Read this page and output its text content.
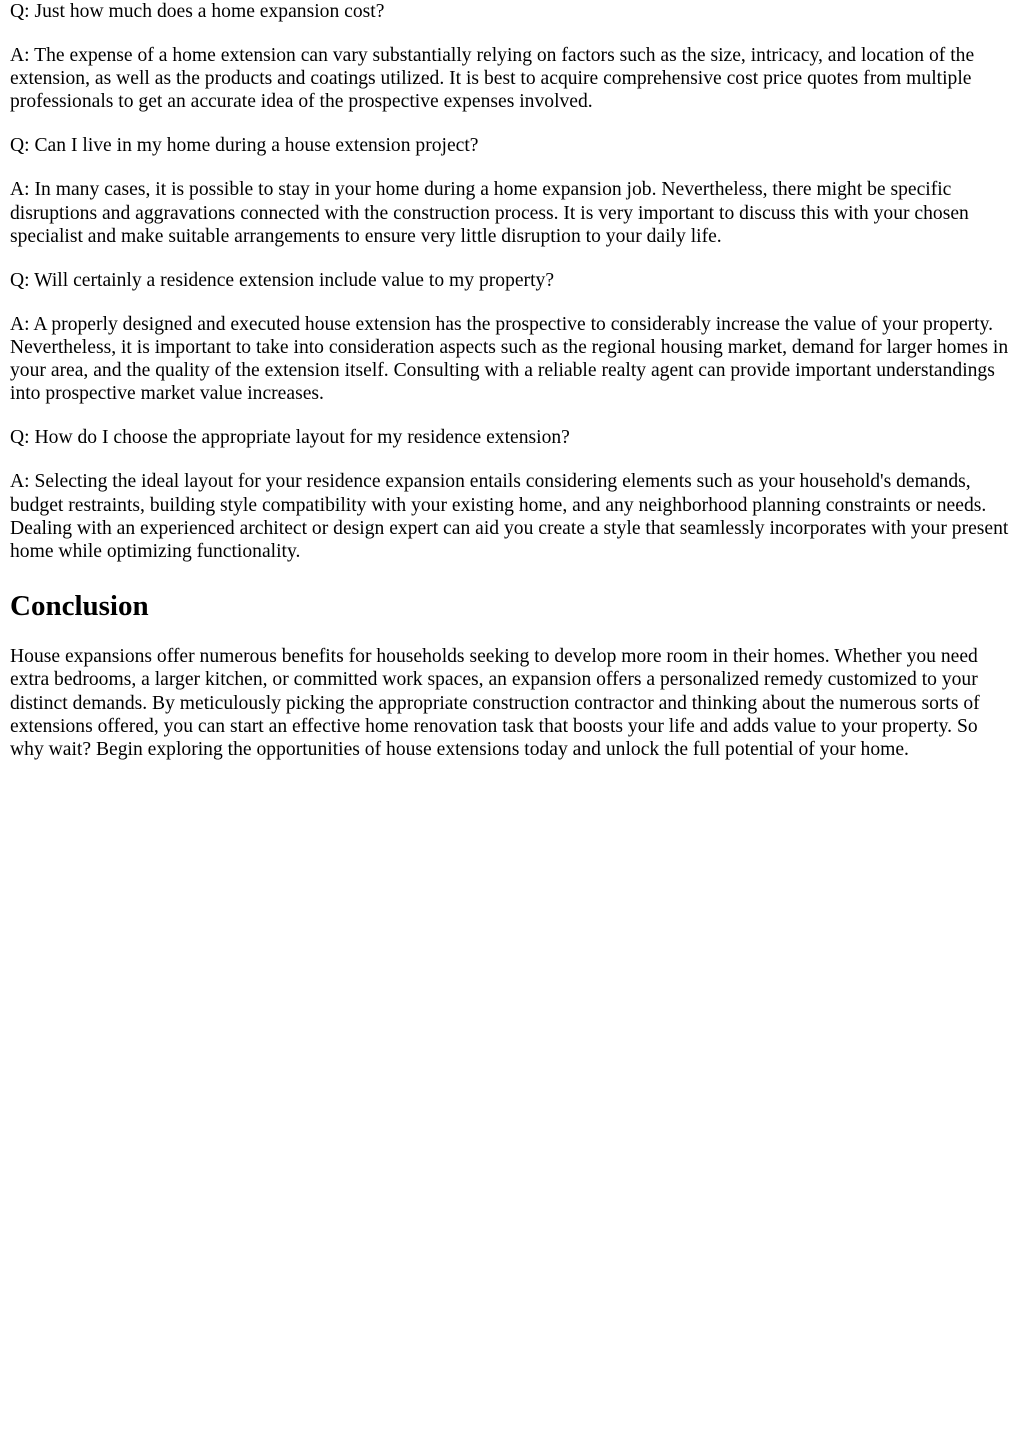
Q: Just how much does a home expansion cost?

A: The expense of a home extension can vary substantially relying on factors such as the size, intricacy, and location of the extension, as well as the products and coatings utilized. It is best to acquire comprehensive cost price quotes from multiple professionals to get an accurate idea of the prospective expenses involved.

Q: Can I live in my home during a house extension project?

A: In many cases, it is possible to stay in your home during a home expansion job. Nevertheless, there might be specific disruptions and aggravations connected with the construction process. It is very important to discuss this with your chosen specialist and make suitable arrangements to ensure very little disruption to your daily life.

Q: Will certainly a residence extension include value to my property?

A: A properly designed and executed house extension has the prospective to considerably increase the value of your property. Nevertheless, it is important to take into consideration aspects such as the regional housing market, demand for larger homes in your area, and the quality of the extension itself. Consulting with a reliable realty agent can provide important understandings into prospective market value increases.

Q: How do I choose the appropriate layout for my residence extension?

A: Selecting the ideal layout for your residence expansion entails considering elements such as your household's demands, budget restraints, building style compatibility with your existing home, and any neighborhood planning constraints or needs. Dealing with an experienced architect or design expert can aid you create a style that seamlessly incorporates with your present home while optimizing functionality.

Conclusion

House expansions offer numerous benefits for households seeking to develop more room in their homes. Whether you need extra bedrooms, a larger kitchen, or committed work spaces, an expansion offers a personalized remedy customized to your distinct demands. By meticulously picking the appropriate construction contractor and thinking about the numerous sorts of extensions offered, you can start an effective home renovation task that boosts your life and adds value to your property. So why wait? Begin exploring the opportunities of house extensions today and unlock the full potential of your home.
